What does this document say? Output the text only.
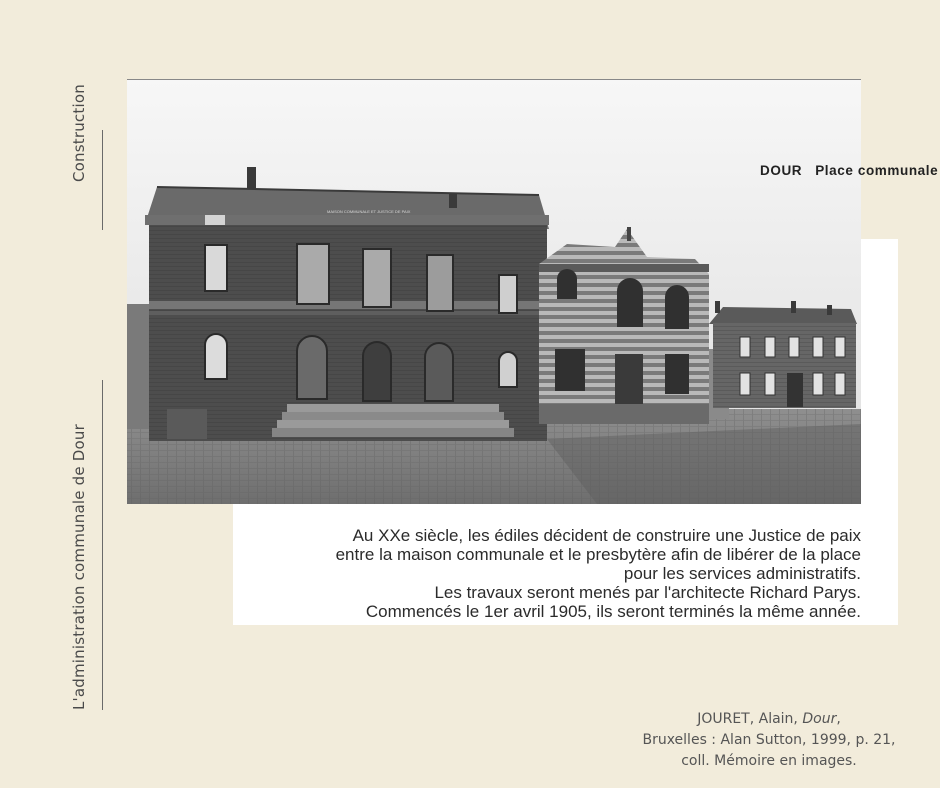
Construction
L'administration communale de Dour
MAISON COMMUNALE ET JUSTICE DE PAIX
DOUR   Place communale
Au XXe siècle, les édiles décident de construire une Justice de paix
entre la maison communale et le presbytère afin de libérer de la place
pour les services administratifs.
Les travaux seront menés par l'architecte Richard Parys.
Commencés le 1er avril 1905, ils seront terminés la même année.
JOURET, Alain, Dour,
Bruxelles : Alan Sutton, 1999, p. 21,
coll. Mémoire en images.
